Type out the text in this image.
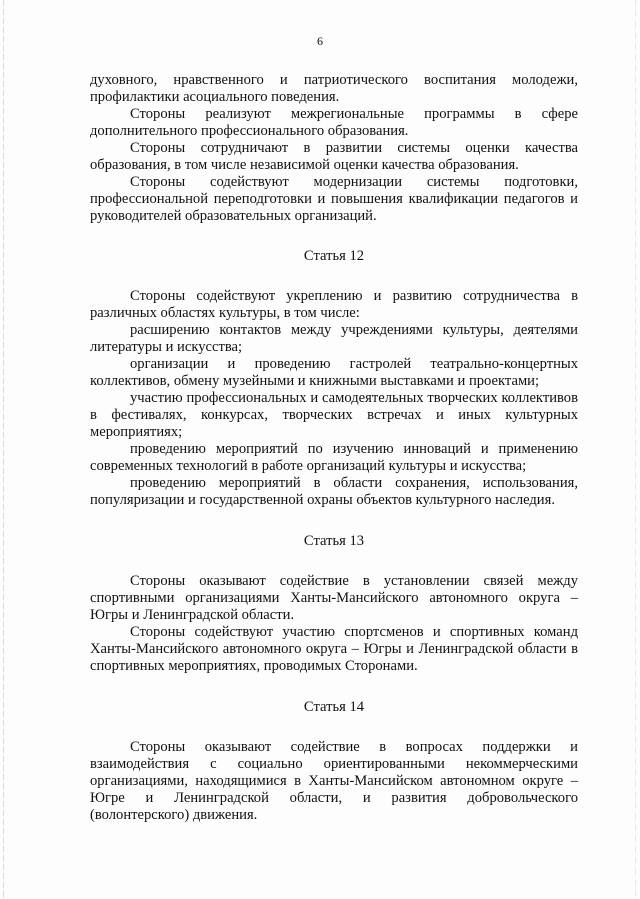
6

духовного, нравственного и патриотического воспитания молодежи, профилактики асоциального поведения.

Стороны реализуют межрегиональные программы в сфере дополнительного профессионального образования.

Стороны сотрудничают в развитии системы оценки качества образования, в том числе независимой оценки качества образования.

Стороны содействуют модернизации системы подготовки, профессиональной переподготовки и повышения квалификации педагогов и руководителей образовательных организаций.

Статья 12

Стороны содействуют укреплению и развитию сотрудничества в различных областях культуры, в том числе:

расширению контактов между учреждениями культуры, деятелями литературы и искусства;

организации и проведению гастролей театрально-концертных коллективов, обмену музейными и книжными выставками и проектами;

участию профессиональных и самодеятельных творческих коллективов в фестивалях, конкурсах, творческих встречах и иных культурных мероприятиях;

проведению мероприятий по изучению инноваций и применению современных технологий в работе организаций культуры и искусства;

проведению мероприятий в области сохранения, использования, популяризации и государственной охраны объектов культурного наследия.

Статья 13

Стороны оказывают содействие в установлении связей между спортивными организациями Ханты-Мансийского автономного округа – Югры и Ленинградской области.

Стороны содействуют участию спортсменов и спортивных команд Ханты-Мансийского автономного округа – Югры и Ленинградской области в спортивных мероприятиях, проводимых Сторонами.

Статья 14

Стороны оказывают содействие в вопросах поддержки и взаимодействия с социально ориентированными некоммерческими организациями, находящимися в Ханты-Мансийском автономном округе – Югре и Ленинградской области, и развития добровольческого (волонтерского) движения.
